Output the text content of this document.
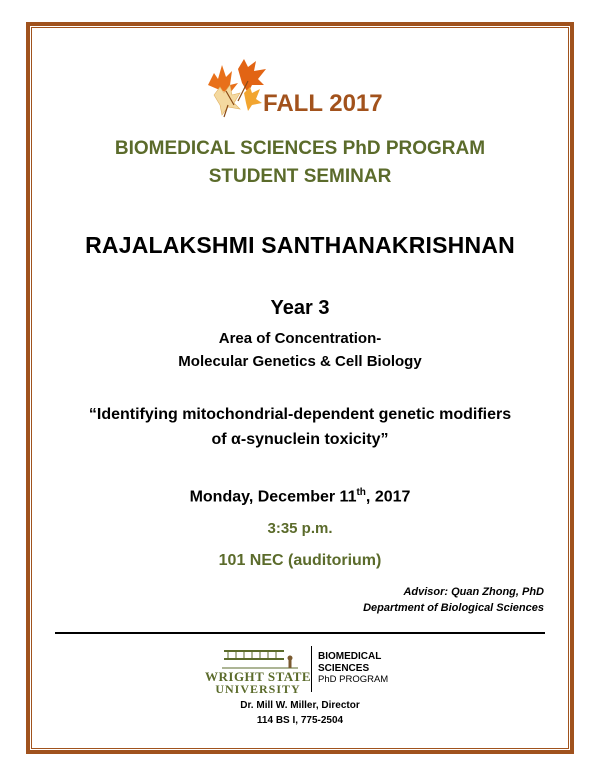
FALL 2017
BIOMEDICAL SCIENCES PhD PROGRAM
STUDENT SEMINAR
RAJALAKSHMI SANTHANAKRISHNAN
Year 3
Area of Concentration-
Molecular Genetics & Cell Biology
“Identifying mitochondrial-dependent genetic modifiers
of α-synuclein toxicity”
Monday, December 11th, 2017
3:35 p.m.
101 NEC (auditorium)
Advisor: Quan Zhong, PhD
Department of Biological Sciences
WRIGHT STATE
UNIVERSITY
BIOMEDICAL
SCIENCES
PhD PROGRAM
Dr. Mill W. Miller, Director
114 BS I, 775-2504
